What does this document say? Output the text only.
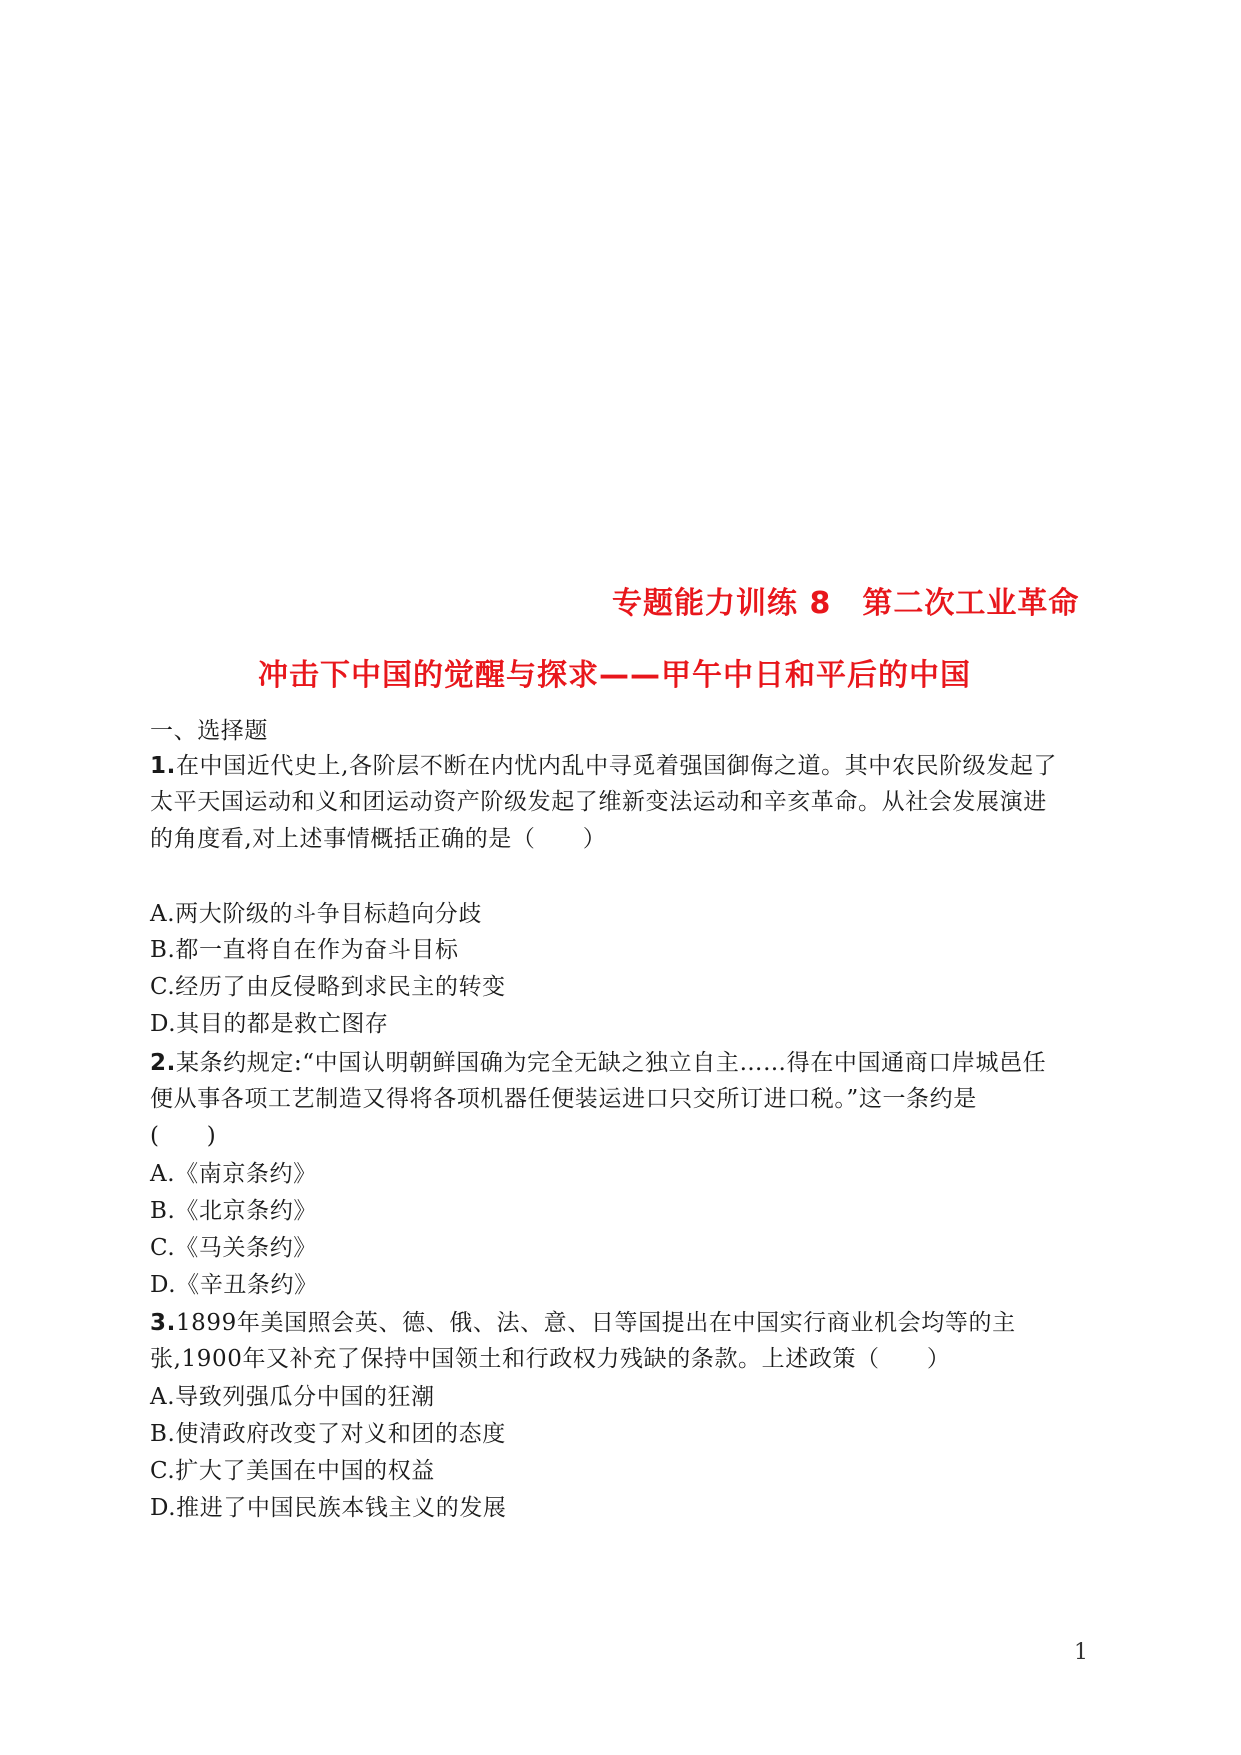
专题能力训练 8　第二次工业革命
冲击下中国的觉醒与探求——甲午中日和平后的中国
一、选择题
1.在中国近代史上,各阶层不断在内忧内乱中寻觅着强国御侮之道。其中农民阶级发起了
太平天国运动和义和团运动资产阶级发起了维新变法运动和辛亥革命。从社会发展演进
的角度看,对上述事情概括正确的是（　　）
A.两大阶级的斗争目标趋向分歧
B.都一直将自在作为奋斗目标
C.经历了由反侵略到求民主的转变
D.其目的都是救亡图存
2.某条约规定:“中国认明朝鲜国确为完全无缺之独立自主……得在中国通商口岸城邑任
便从事各项工艺制造又得将各项机器任便装运进口只交所订进口税。”这一条约是
(　　)
A.《南京条约》
B.《北京条约》
C.《马关条约》
D.《辛丑条约》
3.1899年美国照会英、德、俄、法、意、日等国提出在中国实行商业机会均等的主
张,1900年又补充了保持中国领土和行政权力残缺的条款。上述政策（　　）
A.导致列强瓜分中国的狂潮
B.使清政府改变了对义和团的态度
C.扩大了美国在中国的权益
D.推进了中国民族本钱主义的发展
1
